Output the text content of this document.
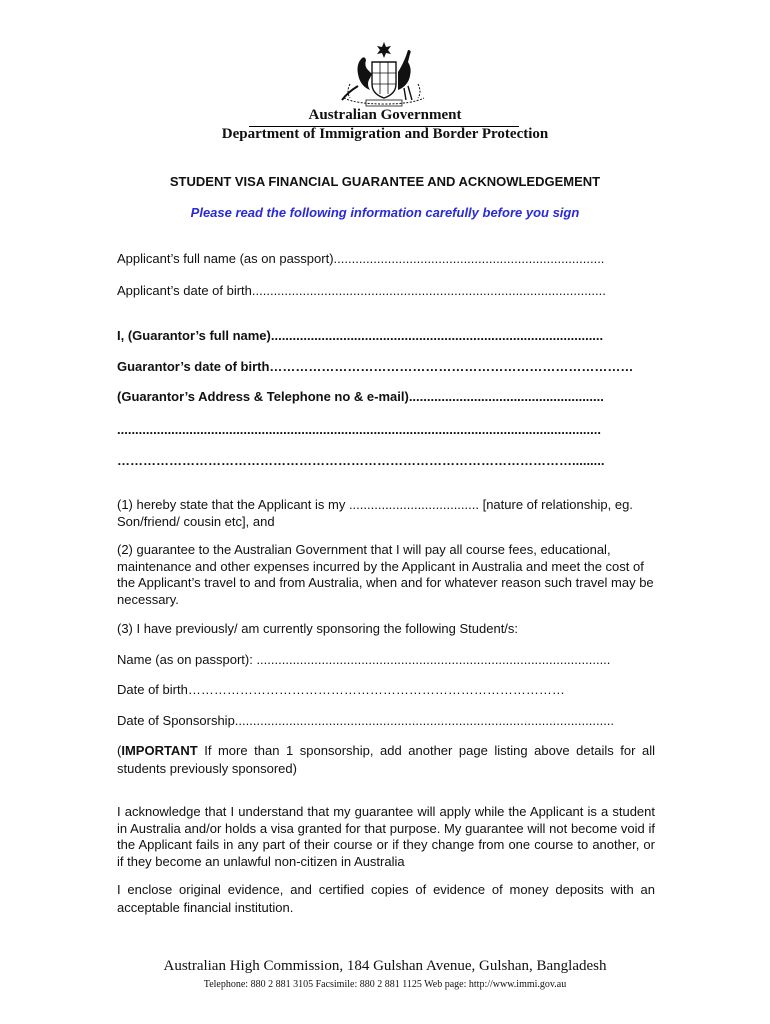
Australian Government
Department of Immigration and Border Protection
STUDENT VISA FINANCIAL GUARANTEE AND ACKNOWLEDGEMENT
Please read the following information carefully before you sign
Applicant’s full name (as on passport)...........................................................................
Applicant’s date of birth..................................................................................................
I, (Guarantor’s full name)............................................................................................
Guarantor’s date of birth…………………………………………………………………………
(Guarantor’s Address & Telephone no & e-mail)......................................................
......................................................................................................................................
…………………………………………………………………………………………….........
(1) hereby state that the Applicant is my .................................... [nature of relationship, eg. Son/friend/ cousin etc], and
(2) guarantee to the Australian Government that I will pay all course fees, educational, maintenance and other expenses incurred by the Applicant in Australia and meet the cost of the Applicant’s travel to and from Australia, when and for whatever reason such travel may be necessary.
(3) I have previously/ am currently sponsoring the following Student/s:
Name (as on passport): ..................................................................................................
Date of birth……………………………………………………………………………
Date of Sponsorship.........................................................................................................
(IMPORTANT If more than 1 sponsorship, add another page listing above details for all students previously sponsored)
I acknowledge that I understand that my guarantee will apply while the Applicant is a student in Australia and/or holds a visa granted for that purpose. My guarantee will not become void if the Applicant fails in any part of their course or if they change from one course to another, or if they become an unlawful non-citizen in Australia
I enclose original evidence, and certified copies of evidence of money deposits with an acceptable financial institution.
Australian High Commission, 184 Gulshan Avenue, Gulshan, Bangladesh
Telephone: 880 2 881 3105 Facsimile: 880 2 881 1125 Web page: http://www.immi.gov.au
